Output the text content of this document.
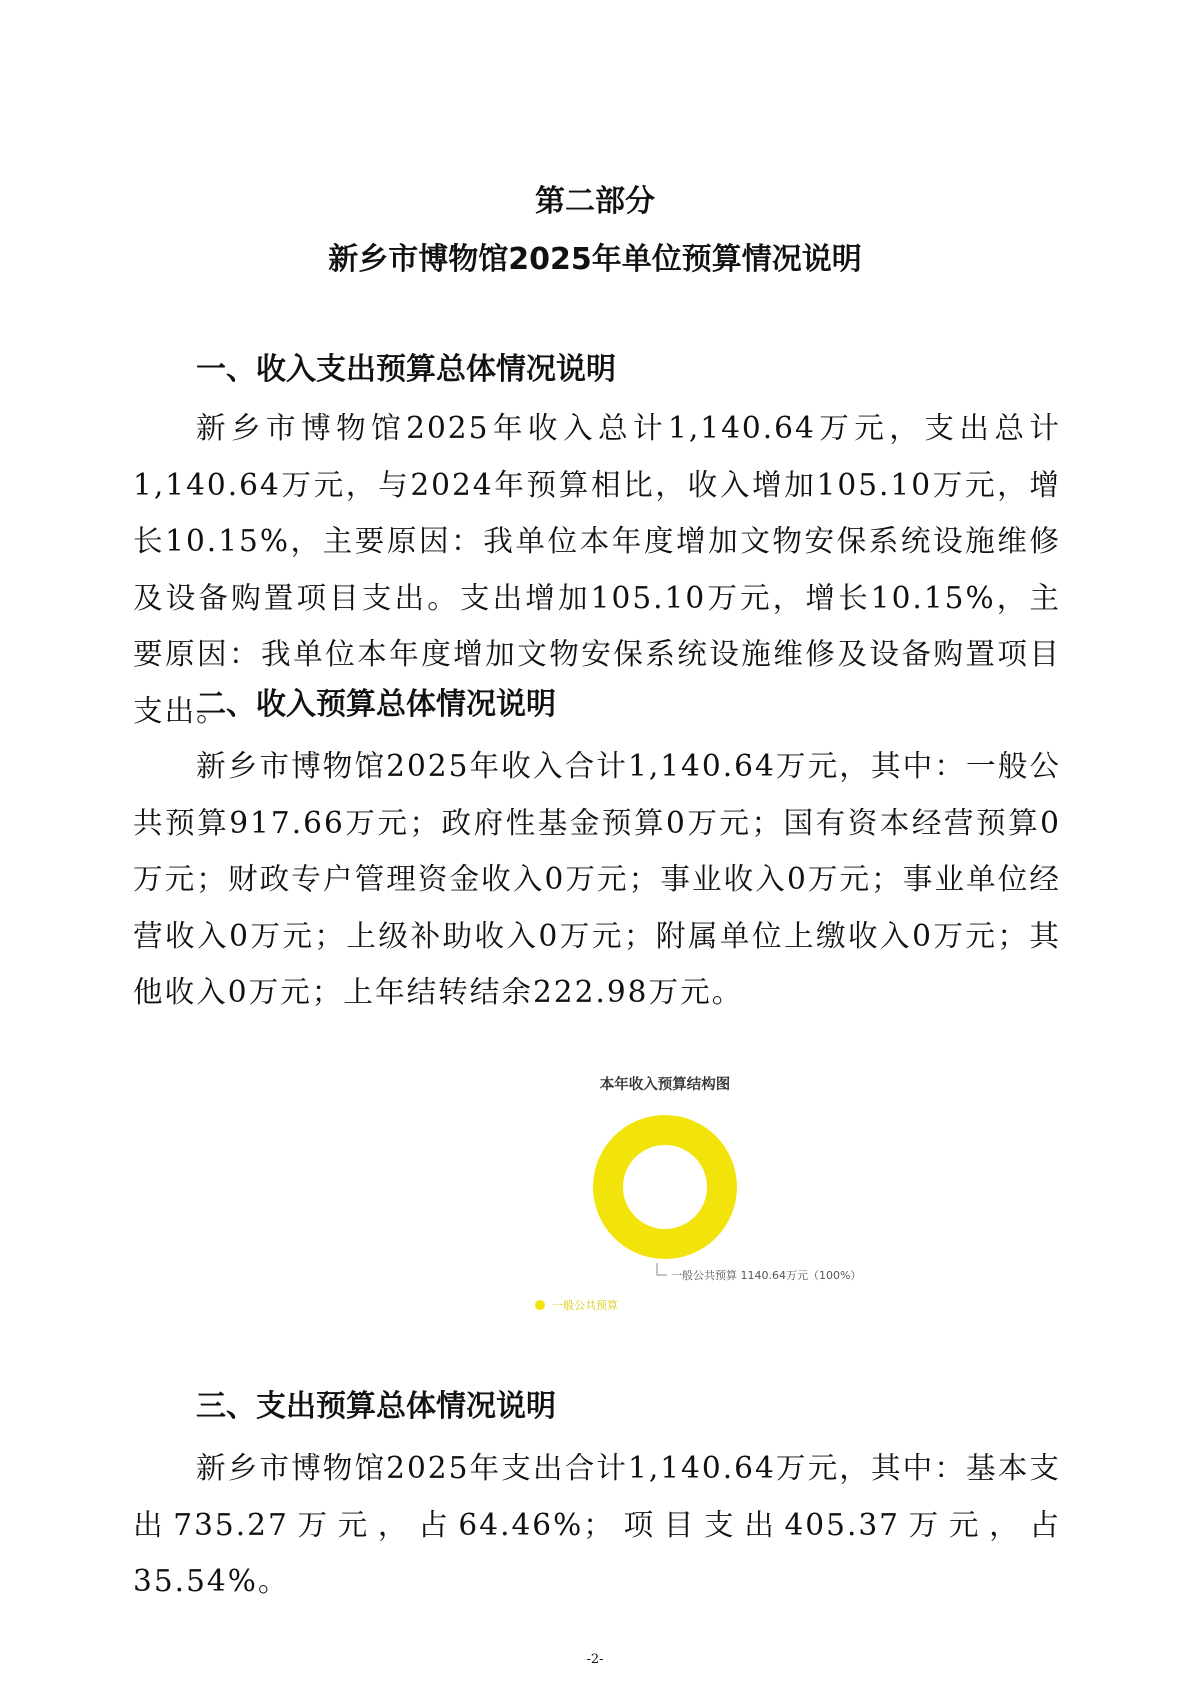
第二部分
新乡市博物馆2025年单位预算情况说明
一、收入支出预算总体情况说明

新乡市博物馆2025年收入总计1,140.64万元，支出总计1,140.64万元，与2024年预算相比，收入增加105.10万元，增长10.15%，主要原因：我单位本年度增加文物安保系统设施维修及设备购置项目支出。支出增加105.10万元，增长10.15%，主要原因：我单位本年度增加文物安保系统设施维修及设备购置项目支出。

二、收入预算总体情况说明

新乡市博物馆2025年收入合计1,140.64万元，其中：一般公共预算917.66万元；政府性基金预算0万元；国有资本经营预算0万元；财政专户管理资金收入0万元；事业收入0万元；事业单位经营收入0万元；上级补助收入0万元；附属单位上缴收入0万元；其他收入0万元；上年结转结余222.98万元。

本年收入预算结构图
一般公共预算 1140.64万元（100%）
一般公共预算
三、支出预算总体情况说明

新乡市博物馆2025年支出合计1,140.64万元，其中：基本支出735.27万元，占64.46%；项目支出405.37万元，占35.54%。

-2-
